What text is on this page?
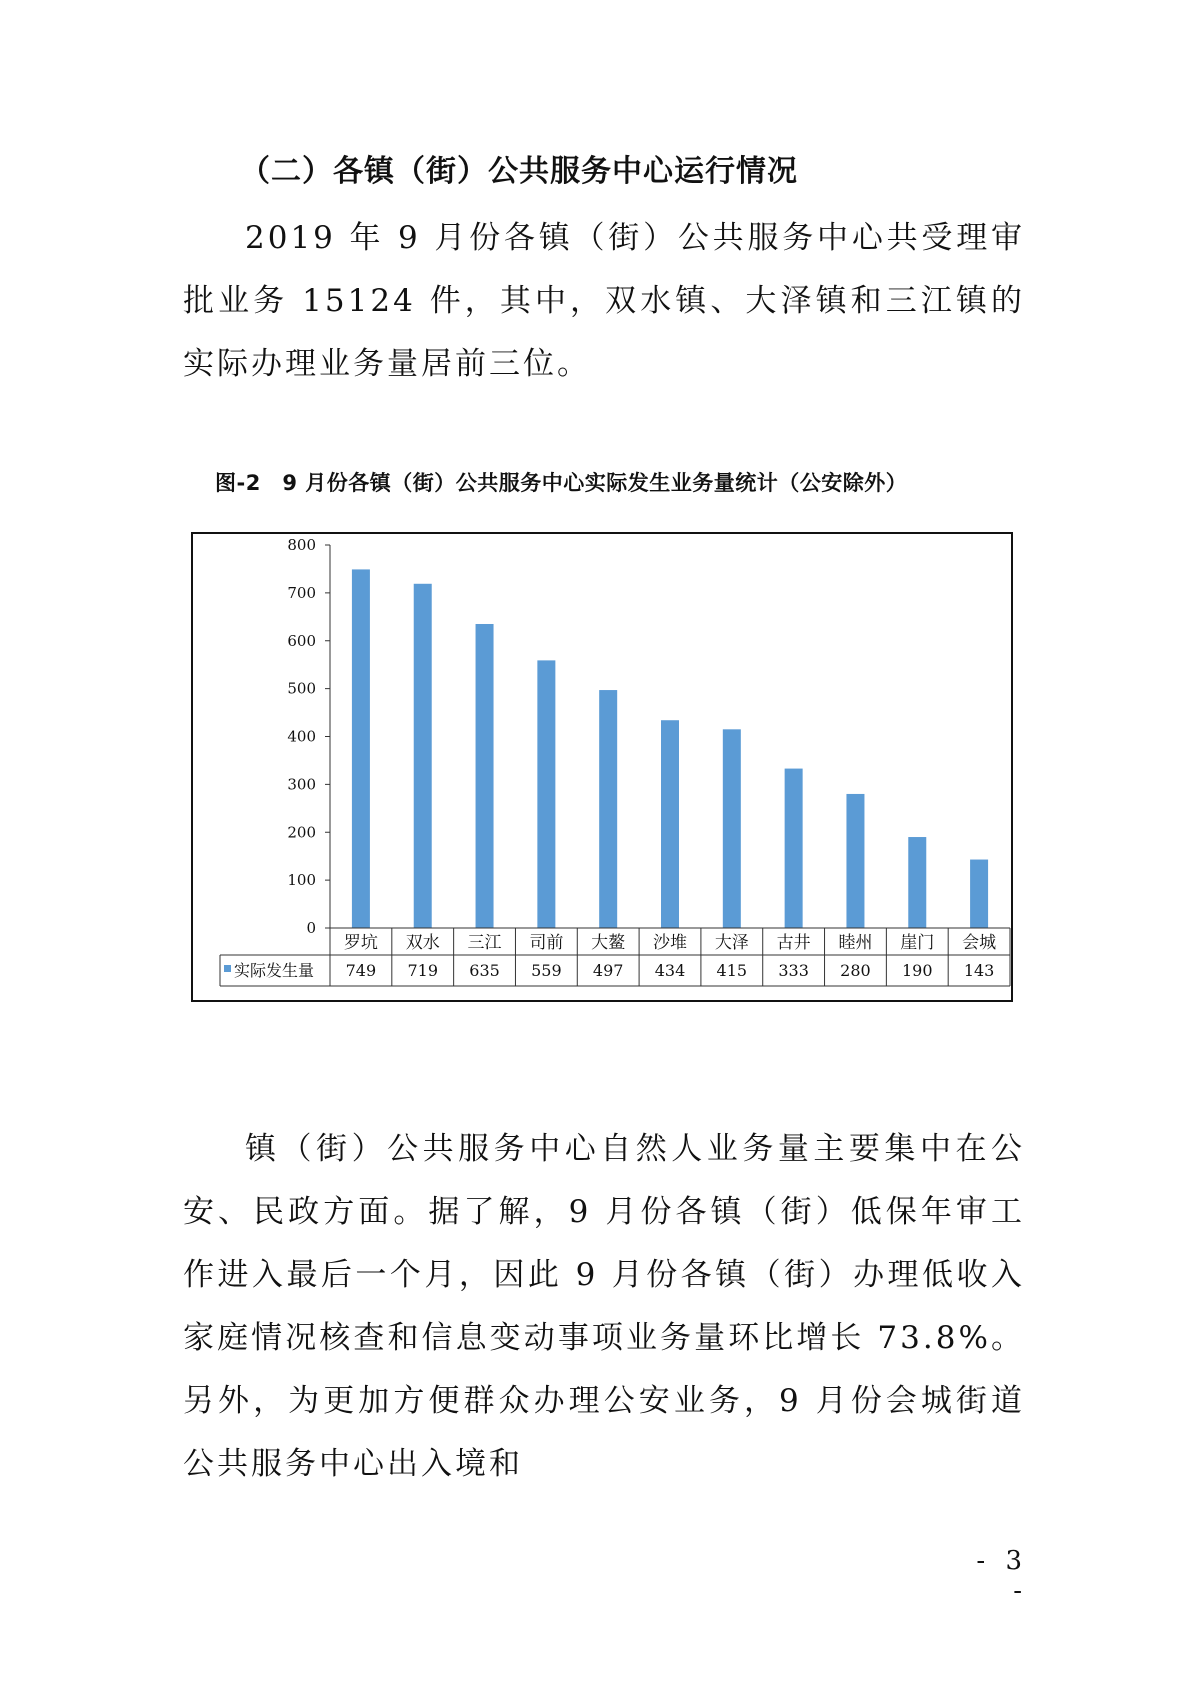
（二）各镇（街）公共服务中心运行情况

2019 年 9 月份各镇（街）公共服务中心共受理审批业务 15124 件，其中，双水镇、大泽镇和三江镇的实际办理业务量居前三位。

图-2　9 月份各镇（街）公共服务中心实际发生业务量统计（公安除外）
0
100
200
300
400
500
600
700
800
罗坑 双水 三江 司前 大鳌 沙堆 大泽 古井 睦州 崖门 会城
749 719 635 559 497 434 415 333 280 190 143
实际发生量

镇（街）公共服务中心自然人业务量主要集中在公安、民政方面。据了解，9 月份各镇（街）低保年审工作进入最后一个月，因此 9 月份各镇（街）办理低收入家庭情况核查和信息变动事项业务量环比增长 73.8%。另外，为更加方便群众办理公安业务，9 月份会城街道公共服务中心出入境和

- 3 -
